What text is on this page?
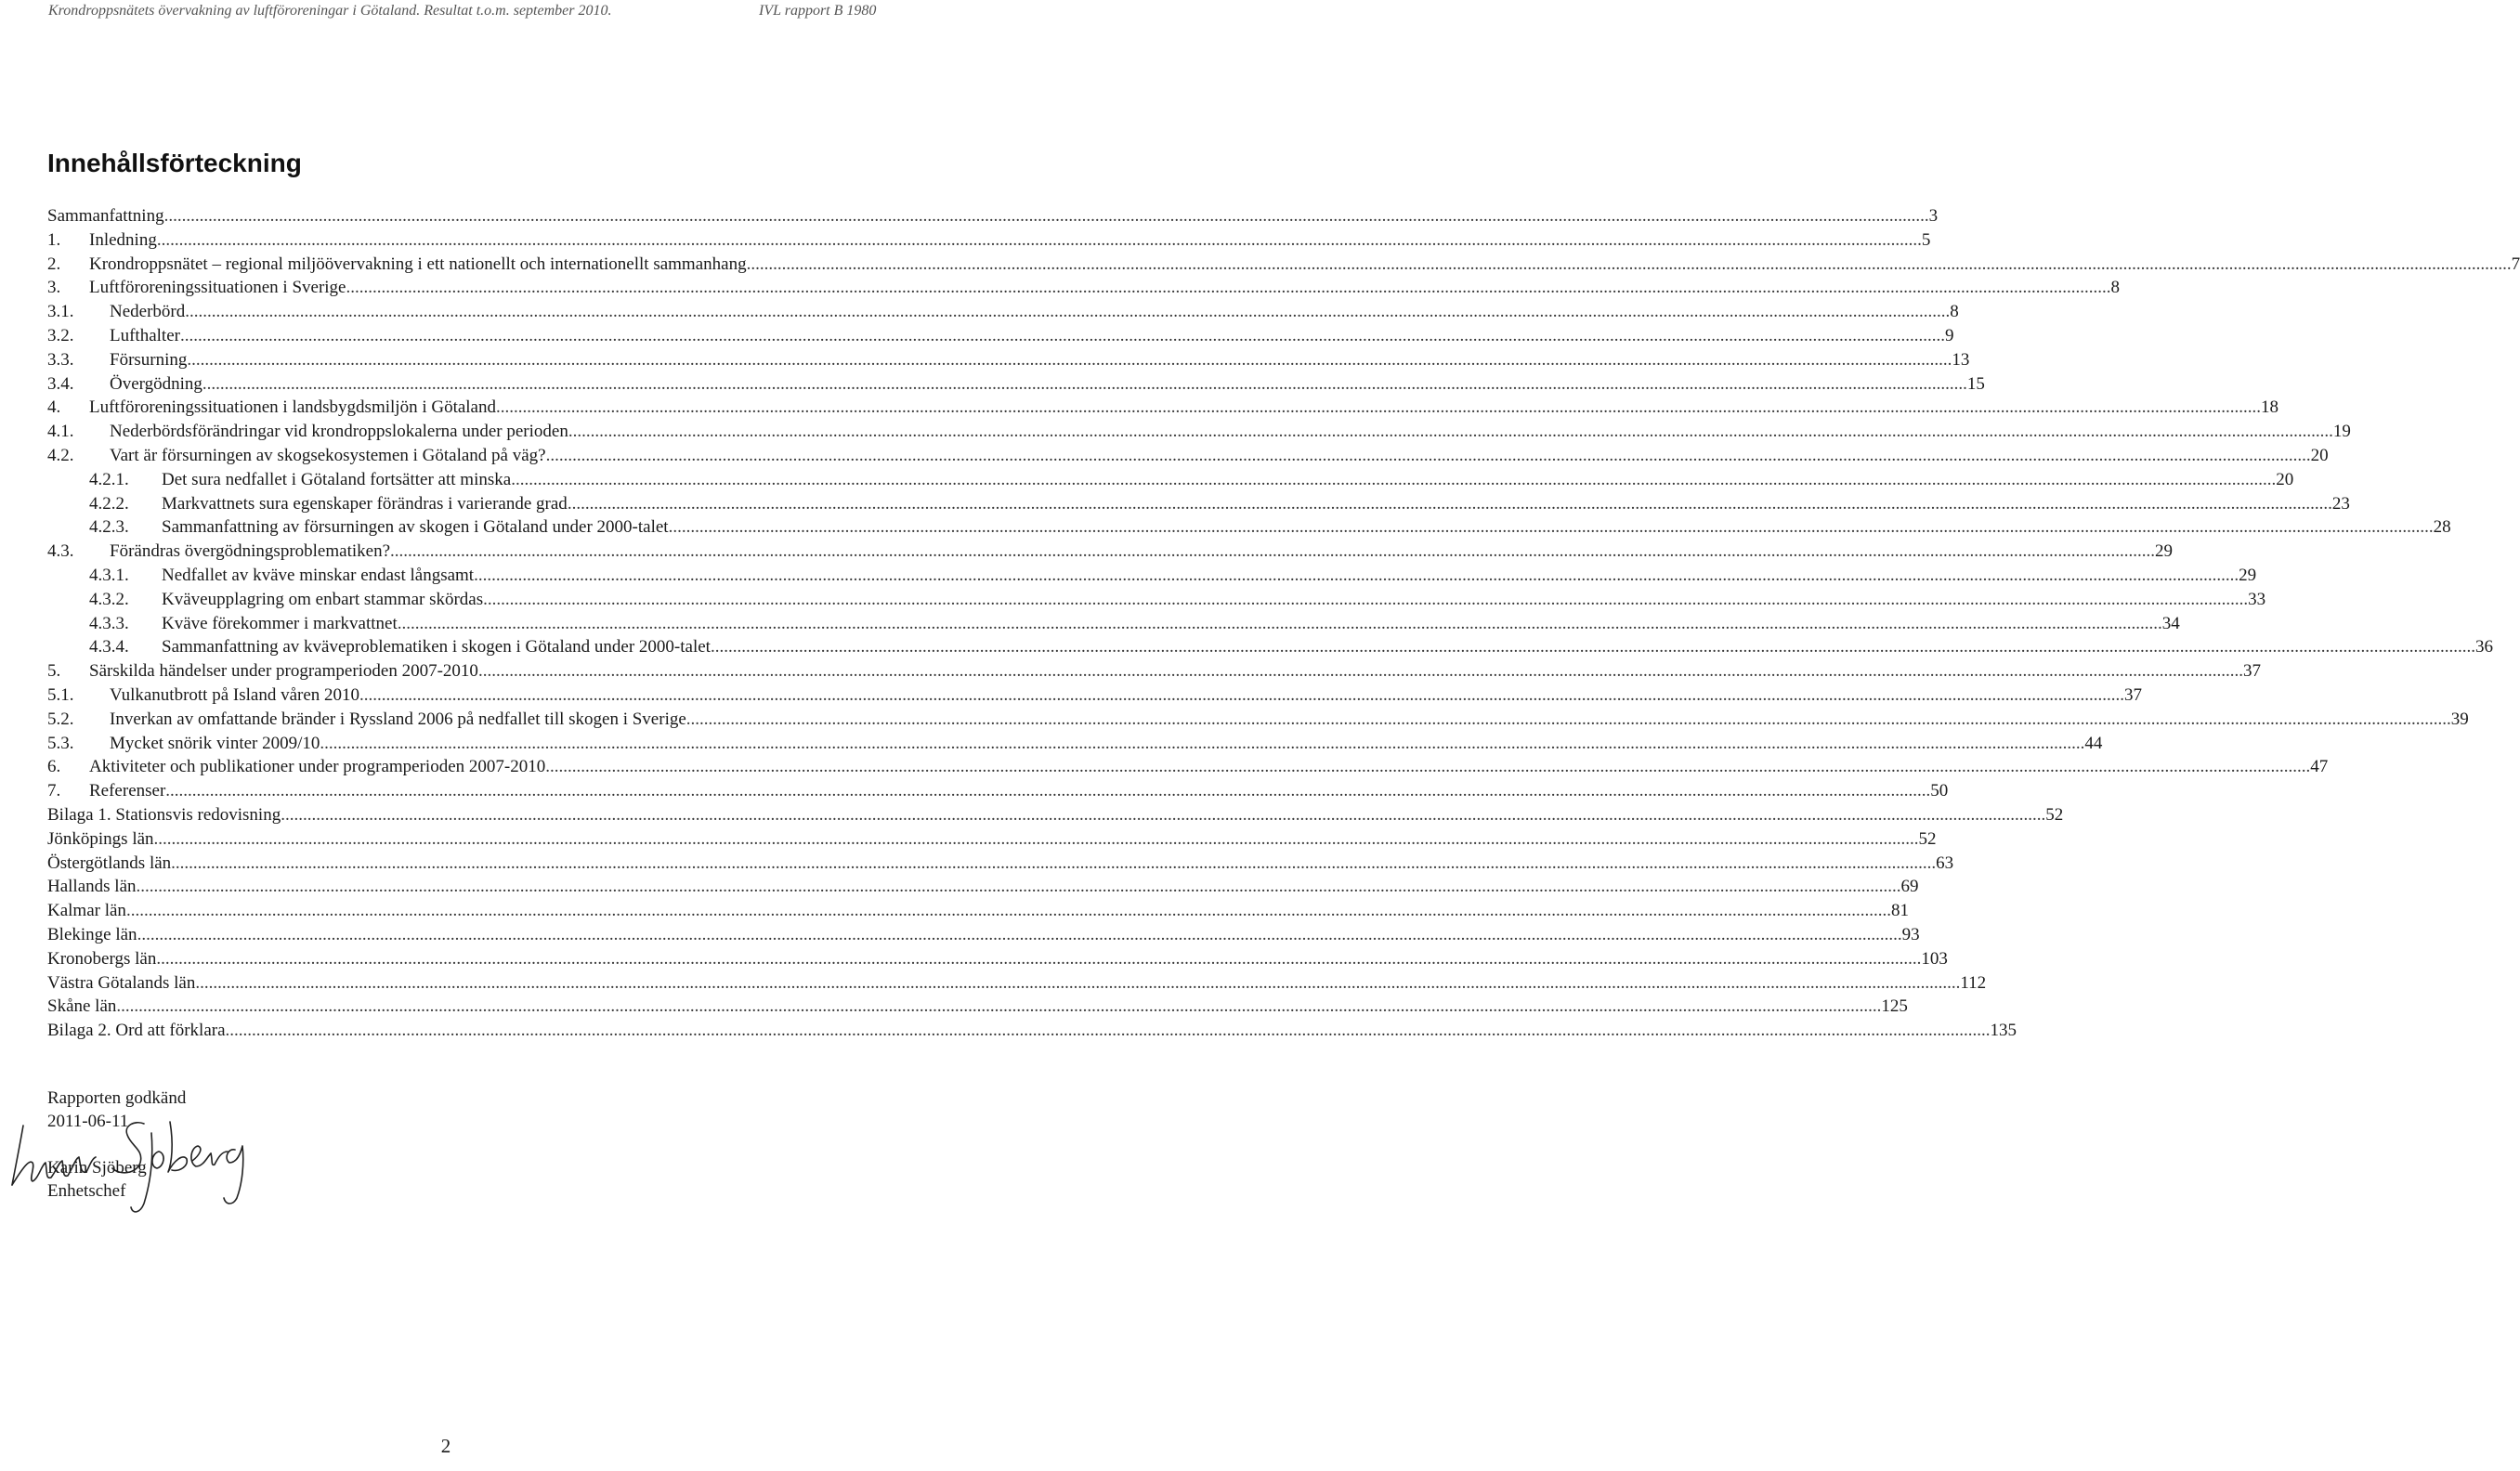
Krondroppsnätets övervakning av luftföroreningar i Götaland. Resultat t.o.m. september 2010.	IVL rapport B 1980
Innehållsförteckning
Sammanfattning ................................................................................................................................................................................................................................................................................................................................................................................................................ 3
1.	Inledning ................................................................................................................................................................................................................................................................................................................................................................................................................ 5
2.	Krondroppsnätet – regional miljöövervakning i ett nationellt och internationellt sammanhang ................................................................................................................................................................................................................................................................................................................................................................................................................ 7
3.	Luftföroreningssituationen i Sverige ................................................................................................................................................................................................................................................................................................................................................................................................................ 8
3.1.	Nederbörd ................................................................................................................................................................................................................................................................................................................................................................................................................ 8
3.2.	Lufthalter ................................................................................................................................................................................................................................................................................................................................................................................................................ 9
3.3.	Försurning ................................................................................................................................................................................................................................................................................................................................................................................................................ 13
3.4.	Övergödning ................................................................................................................................................................................................................................................................................................................................................................................................................ 15
4.	Luftföroreningssituationen i landsbygdsmiljön i Götaland ................................................................................................................................................................................................................................................................................................................................................................................................................ 18
4.1.	Nederbördsförändringar vid krondroppslokalerna under perioden ................................................................................................................................................................................................................................................................................................................................................................................................................ 19
4.2.	Vart är försurningen av skogsekosystemen i Götaland på väg? ................................................................................................................................................................................................................................................................................................................................................................................................................ 20
4.2.1.	Det sura nedfallet i Götaland fortsätter att minska ................................................................................................................................................................................................................................................................................................................................................................................................................ 20
4.2.2.	Markvattnets sura egenskaper förändras i varierande grad ................................................................................................................................................................................................................................................................................................................................................................................................................ 23
4.2.3.	Sammanfattning av försurningen av skogen i Götaland under 2000-talet ................................................................................................................................................................................................................................................................................................................................................................................................................ 28
4.3.	Förändras övergödningsproblematiken? ................................................................................................................................................................................................................................................................................................................................................................................................................ 29
4.3.1.	Nedfallet av kväve minskar endast långsamt ................................................................................................................................................................................................................................................................................................................................................................................................................ 29
4.3.2.	Kväveupplagring om enbart stammar skördas ................................................................................................................................................................................................................................................................................................................................................................................................................ 33
4.3.3.	Kväve förekommer i markvattnet ................................................................................................................................................................................................................................................................................................................................................................................................................ 34
4.3.4.	Sammanfattning av kväveproblematiken i skogen i Götaland under 2000-talet ................................................................................................................................................................................................................................................................................................................................................................................................................ 36
5.	Särskilda händelser under programperioden 2007-2010 ................................................................................................................................................................................................................................................................................................................................................................................................................ 37
5.1.	Vulkanutbrott på Island våren 2010 ................................................................................................................................................................................................................................................................................................................................................................................................................ 37
5.2.	Inverkan av omfattande bränder i Ryssland 2006 på nedfallet till skogen i Sverige ................................................................................................................................................................................................................................................................................................................................................................................................................ 39
5.3.	Mycket snörik vinter 2009/10 ................................................................................................................................................................................................................................................................................................................................................................................................................ 44
6.	Aktiviteter och publikationer under programperioden 2007-2010 ................................................................................................................................................................................................................................................................................................................................................................................................................ 47
7.	Referenser ................................................................................................................................................................................................................................................................................................................................................................................................................ 50
Bilaga 1. Stationsvis redovisning ................................................................................................................................................................................................................................................................................................................................................................................................................ 52
Jönköpings län ................................................................................................................................................................................................................................................................................................................................................................................................................ 52
Östergötlands län ................................................................................................................................................................................................................................................................................................................................................................................................................ 63
Hallands län ................................................................................................................................................................................................................................................................................................................................................................................................................ 69
Kalmar län ................................................................................................................................................................................................................................................................................................................................................................................................................ 81
Blekinge län ................................................................................................................................................................................................................................................................................................................................................................................................................ 93
Kronobergs län ................................................................................................................................................................................................................................................................................................................................................................................................................ 103
Västra Götalands län ................................................................................................................................................................................................................................................................................................................................................................................................................ 112
Skåne län ................................................................................................................................................................................................................................................................................................................................................................................................................ 125
Bilaga 2. Ord att förklara ................................................................................................................................................................................................................................................................................................................................................................................................................ 135
Rapporten godkänd
2011-06-11
Karin Sjöberg
Enhetschef
2
